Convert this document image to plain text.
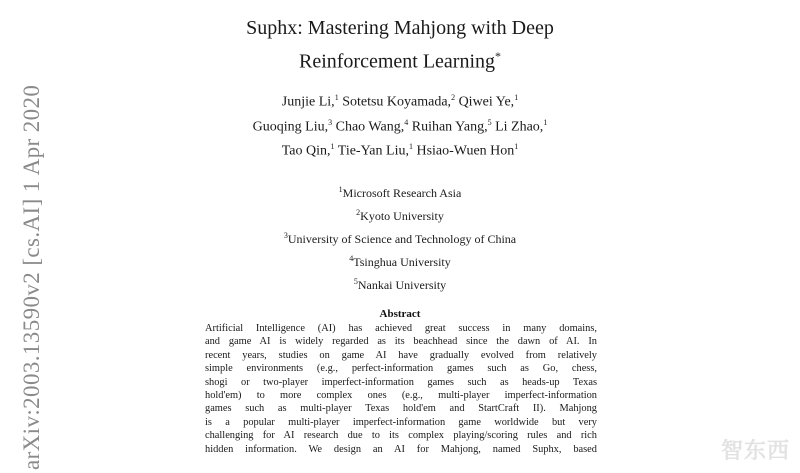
arXiv:2003.13590v2 [cs.AI] 1 Apr 2020
Suphx: Mastering Mahjong with Deep
Reinforcement Learning*
Junjie Li,$^1$ Sotetsu Koyamada,$^2$ Qiwei Ye,$^1$
Guoqing Liu,$^3$ Chao Wang,$^4$ Ruihan Yang,$^5$ Li Zhao,$^1$
Tao Qin,$^1$ Tie-Yan Liu,$^1$ Hsiao-Wuen Hon$^1$
$^1$Microsoft Research Asia
$^2$Kyoto University
$^3$University of Science and Technology of China
$^4$Tsinghua University
$^5$Nankai University
Abstract
Artificial Intelligence (AI) has achieved great success in many domains,
and game AI is widely regarded as its beachhead since the dawn of AI. In
recent years, studies on game AI have gradually evolved from relatively
simple environments (e.g., perfect-information games such as Go, chess,
shogi or two-player imperfect-information games such as heads-up Texas
hold'em) to more complex ones (e.g., multi-player imperfect-information
games such as multi-player Texas hold'em and StartCraft II). Mahjong
is a popular multi-player imperfect-information game worldwide but very
challenging for AI research due to its complex playing/scoring rules and rich
hidden information. We design an AI for Mahjong, named Suphx, based	智东西
